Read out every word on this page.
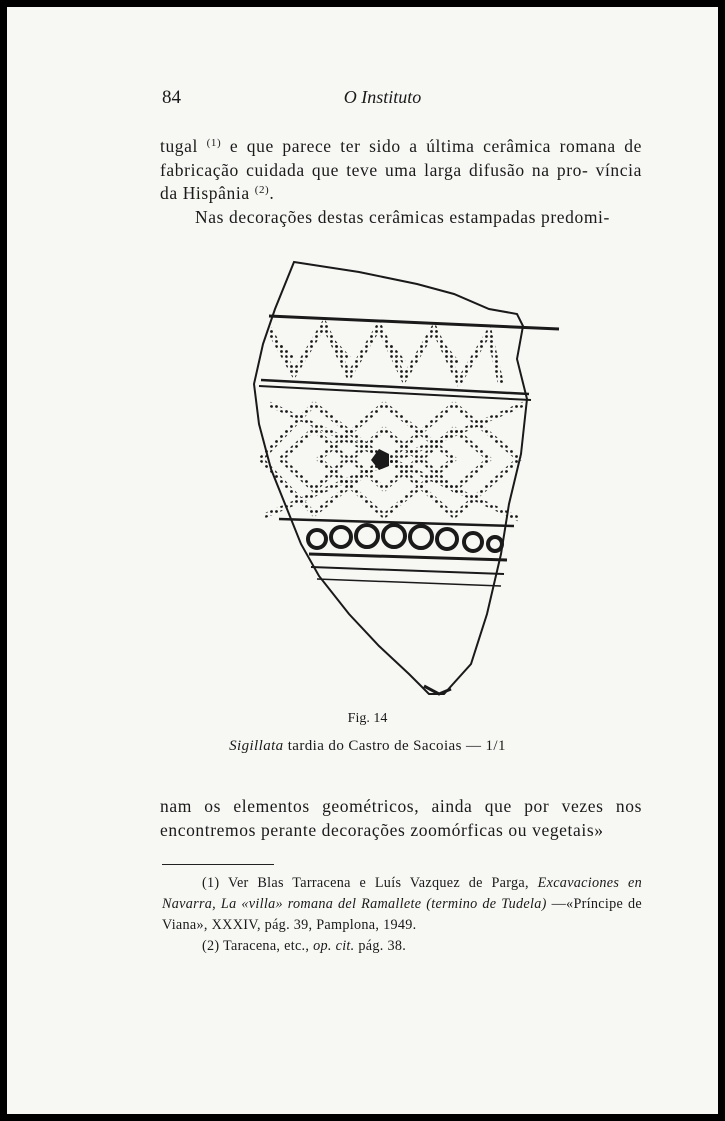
84	O Instituto

tugal $^{(1)}$ e que parece ter sido a última cerâmica romana de fabricação cuidada que teve uma larga difusão na pro- víncia da Hispânia $^{(2)}$.

Nas decorações destas cerâmicas estampadas predomi-

Fig. 14
Sigillata tardia do Castro de Sacoias — 1/1

nam os elementos geométricos, ainda que por vezes nos encontremos perante decorações zoomórficas ou vegetais»

(1) Ver Blas Tarracena e Luís Vazquez de Parga, Excavaciones en Navarra, La «villa» romana del Ramallete (termino de Tudela) —«Príncipe de Viana», XXXIV, pág. 39, Pamplona, 1949.

(2) Taracena, etc., op. cit. pág. 38.
